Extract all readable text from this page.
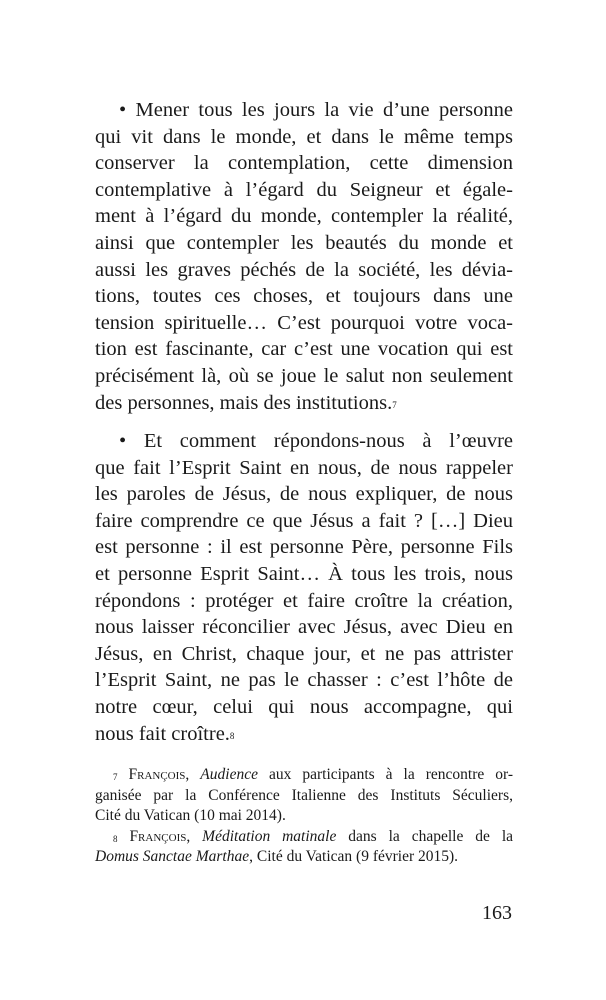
• Mener tous les jours la vie d’une personne
qui vit dans le monde, et dans le même temps
conserver la contemplation, cette dimension
contemplative à l’égard du Seigneur et égale-
ment à l’égard du monde, contempler la réalité,
ainsi que contempler les beautés du monde et
aussi les graves péchés de la société, les dévia-
tions, toutes ces choses, et toujours dans une
tension spirituelle… C’est pourquoi votre voca-
tion est fascinante, car c’est une vocation qui est
précisément là, où se joue le salut non seulement
des personnes, mais des institutions.$^7$
• Et comment répondons-nous à l’œuvre
que fait l’Esprit Saint en nous, de nous rappeler
les paroles de Jésus, de nous expliquer, de nous
faire comprendre ce que Jésus a fait ? […] Dieu
est personne : il est personne Père, personne Fils
et personne Esprit Saint… À tous les trois, nous
répondons : protéger et faire croître la création,
nous laisser réconcilier avec Jésus, avec Dieu en
Jésus, en Christ, chaque jour, et ne pas attrister
l’Esprit Saint, ne pas le chasser : c’est l’hôte de
notre cœur, celui qui nous accompagne, qui
nous fait croître.$^8$
$^7$ François, Audience aux participants à la rencontre or-
ganisée par la Conférence Italienne des Instituts Séculiers,
Cité du Vatican (10 mai 2014).
$^8$ François, Méditation matinale dans la chapelle de la
Domus Sanctae Marthae, Cité du Vatican (9 février 2015).
163
